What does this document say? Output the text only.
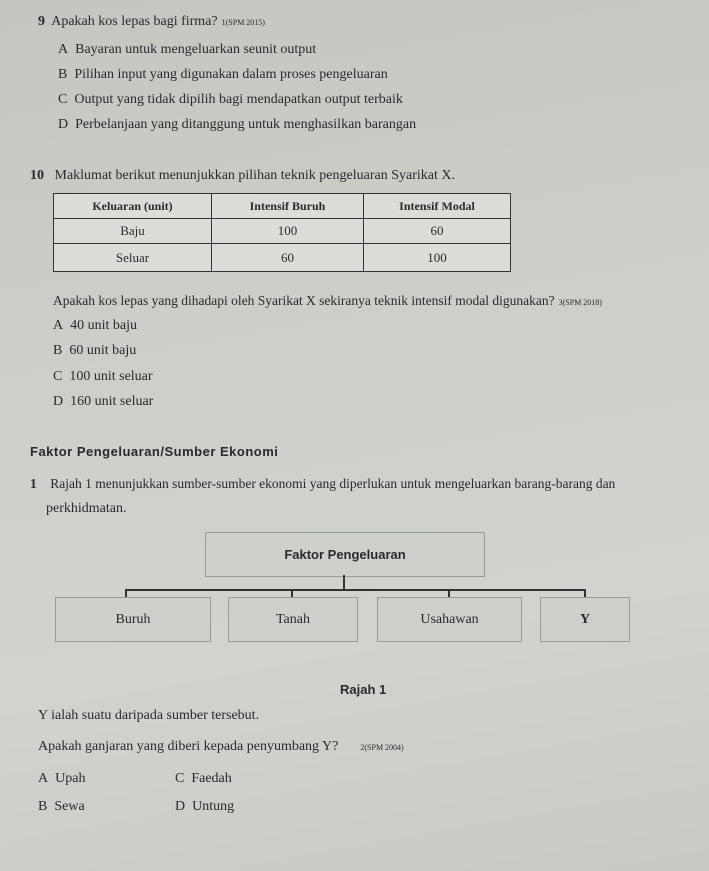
9 Apakah kos lepas bagi firma? 1(SPM 2015)
A Bayaran untuk mengeluarkan seunit output
B Pilihan input yang digunakan dalam proses pengeluaran
C Output yang tidak dipilih bagi mendapatkan output terbaik
D Perbelanjaan yang ditanggung untuk menghasilkan barangan
10 Maklumat berikut menunjukkan pilihan teknik pengeluaran Syarikat X.
Keluaran (unit)	Intensif Buruh	Intensif Modal
Baju	100	60
Seluar	60	100
Apakah kos lepas yang dihadapi oleh Syarikat X sekiranya teknik intensif modal digunakan? 3(SPM 2018)
A 40 unit baju
B 60 unit baju
C 100 unit seluar
D 160 unit seluar
Faktor Pengeluaran/Sumber Ekonomi
1 Rajah 1 menunjukkan sumber-sumber ekonomi yang diperlukan untuk mengeluarkan barang-barang dan
perkhidmatan.
Faktor Pengeluaran
Buruh	Tanah	Usahawan	Y
Rajah 1
Y ialah suatu daripada sumber tersebut.
Apakah ganjaran yang diberi kepada penyumbang Y?	2(SPM 2004)
A Upah
B Sewa
C Faedah
D Untung
